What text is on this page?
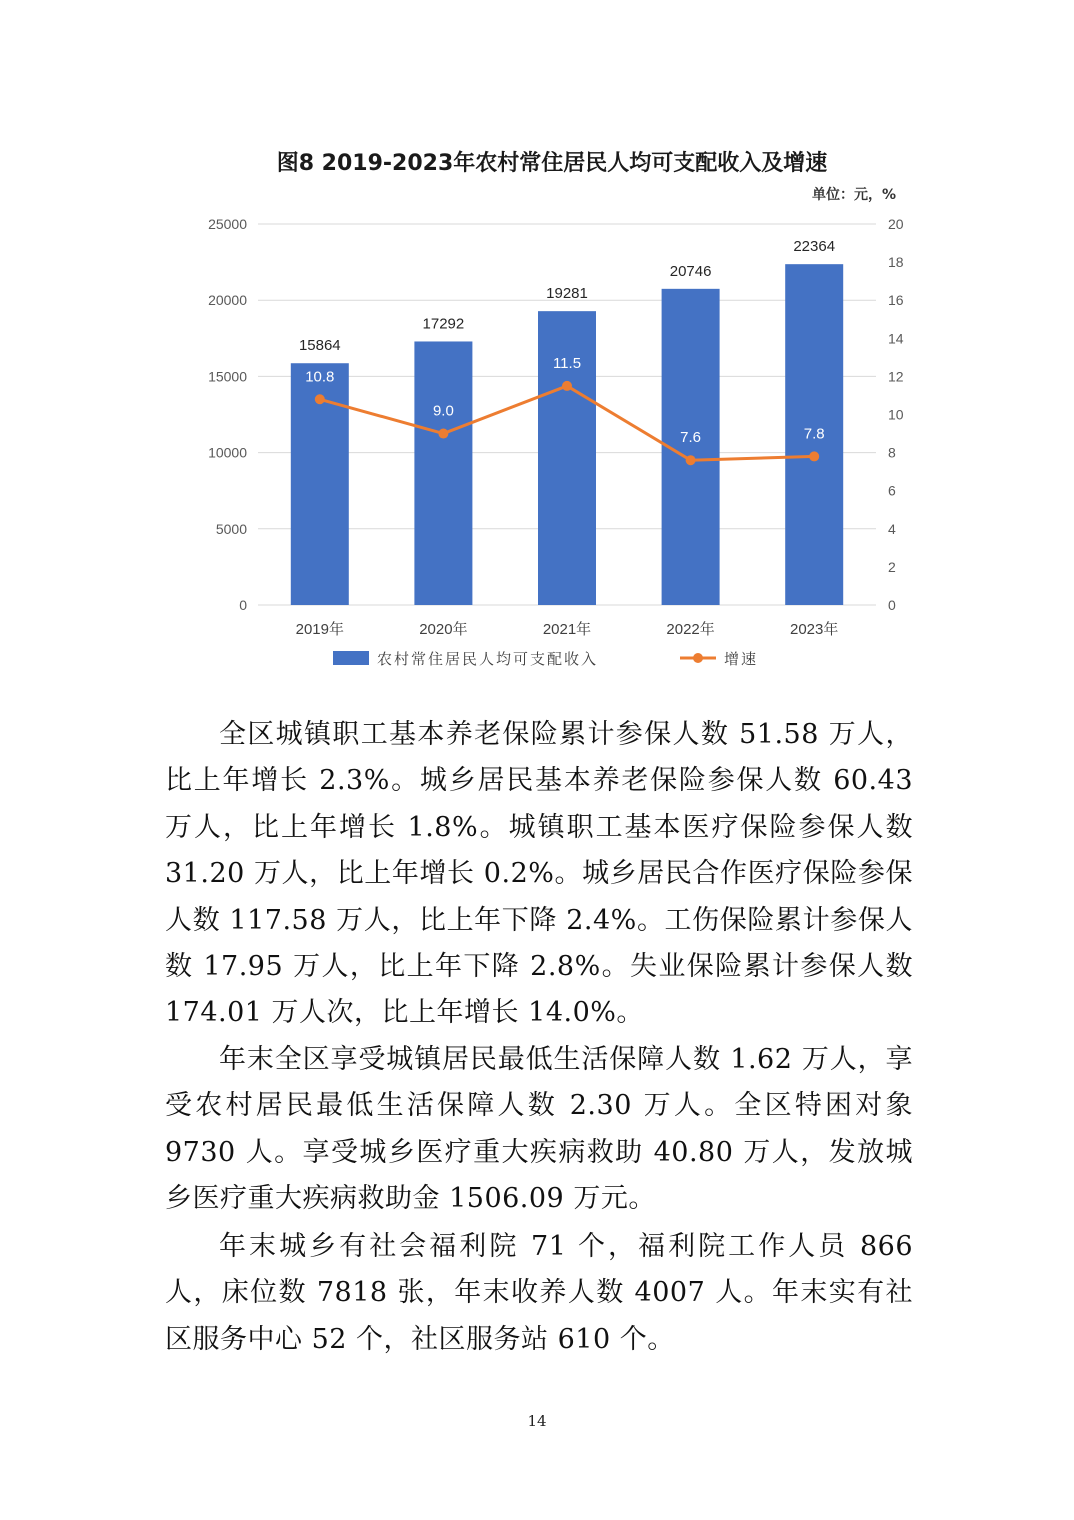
图8 2019-2023年农村常住居民人均可支配收入及增速
单位：元，%
0
5000
10000
15000
20000
25000
0
2
4
6
8
10
12
14
16
18
20
15864
17292
19281
20746
22364
2019年	2020年	2021年	2022年	2023年
10.8
9.0
11.5
7.6	7.8
农村常住居民人均可支配收入	增速

全区城镇职工基本养老保险累计参保人数 51.58 万人，比上年增长 2.3%。城乡居民基本养老保险参保人数 60.43 万人，比上年增长 1.8%。城镇职工基本医疗保险参保人数 31.20 万人，比上年增长 0.2%。城乡居民合作医疗保险参保人数 117.58 万人，比上年下降 2.4%。工伤保险累计参保人数 17.95 万人，比上年下降 2.8%。失业保险累计参保人数 174.01 万人次，比上年增长 14.0%。

年末全区享受城镇居民最低生活保障人数 1.62 万人，享受农村居民最低生活保障人数 2.30 万人。全区特困对象 9730 人。享受城乡医疗重大疾病救助 40.80 万人，发放城乡医疗重大疾病救助金 1506.09 万元。

年末城乡有社会福利院 71 个，福利院工作人员 866 人，床位数 7818 张，年末收养人数 4007 人。年末实有社区服务中心 52 个，社区服务站 610 个。

14
